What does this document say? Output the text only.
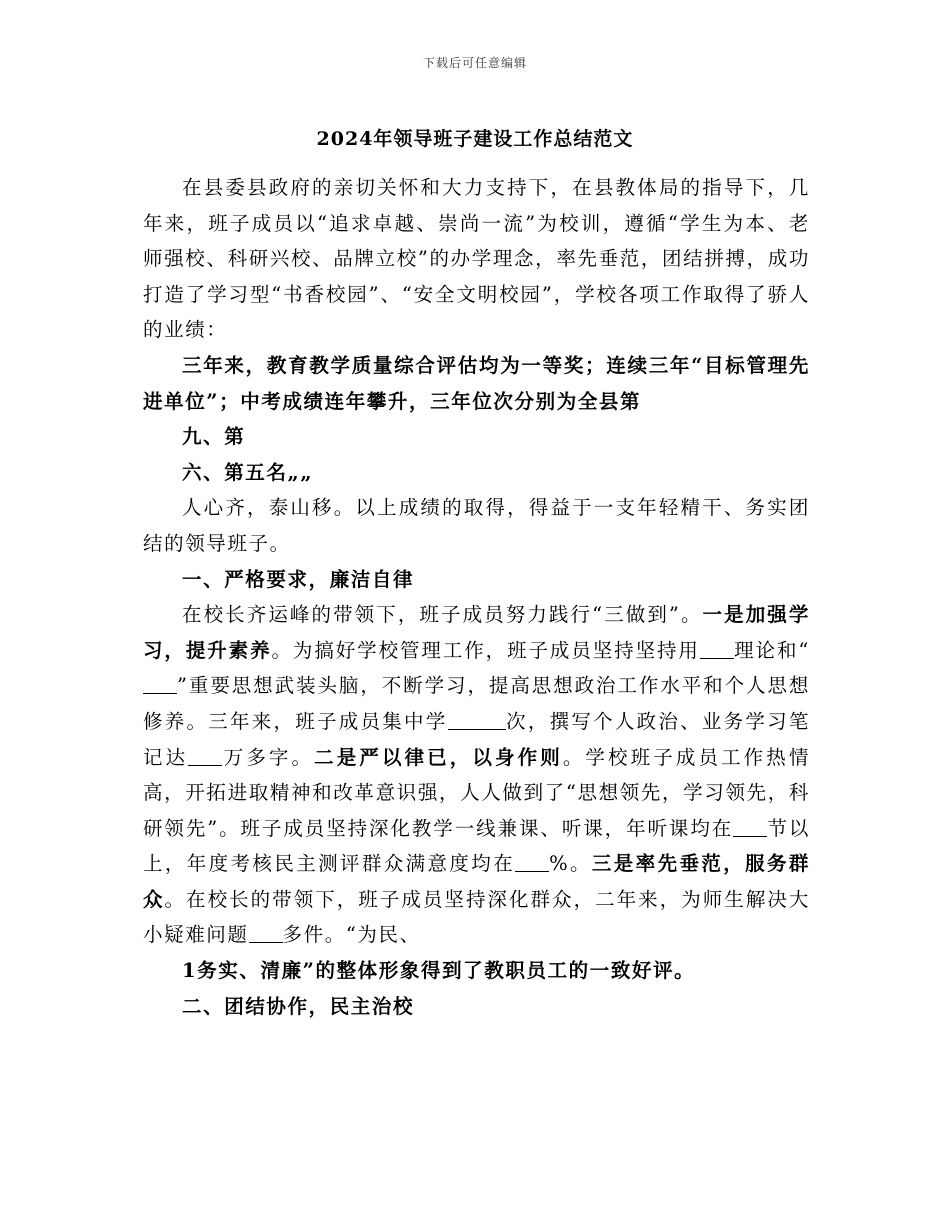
下载后可任意编辑
2024年领导班子建设工作总结范文

在县委县政府的亲切关怀和大力支持下，在县教体局的指导下，几年来，班子成员以“追求卓越、崇尚一流”为校训，遵循“学生为本、老师强校、科研兴校、品牌立校”的办学理念，率先垂范，团结拼搏，成功打造了学习型“书香校园”、“安全文明校园”，学校各项工作取得了骄人的业绩：

三年来，教育教学质量综合评估均为一等奖；连续三年“目标管理先进单位”；中考成绩连年攀升，三年位次分别为全县第

九、第

六、第五名„„

人心齐，泰山移。以上成绩的取得，得益于一支年轻精干、务实团结的领导班子。

一、严格要求，廉洁自律

在校长齐运峰的带领下，班子成员努力践行“三做到”。一是加强学习，提升素养。为搞好学校管理工作，班子成员坚持坚持用 理论和“”重要思想武装头脑，不断学习，提高思想政治工作水平和个人思想修养。三年来，班子成员集中学	次，撰写个人政治、业务学习笔记达 万多字。二是严以律已，以身作则。学校班子成员工作热情高，开拓进取精神和改革意识强，人人做到了“思想领先，学习领先，科研领先”。班子成员坚持深化教学一线兼课、听课，年听课均在 节以上，年度考核民主测评群众满意度均在 %。三是率先垂范，服务群众。在校长的带领下，班子成员坚持深化群众，二年来，为师生解决大小疑难问题 多件。“为民、

1务实、清廉”的整体形象得到了教职员工的一致好评。

二、团结协作，民主治校
